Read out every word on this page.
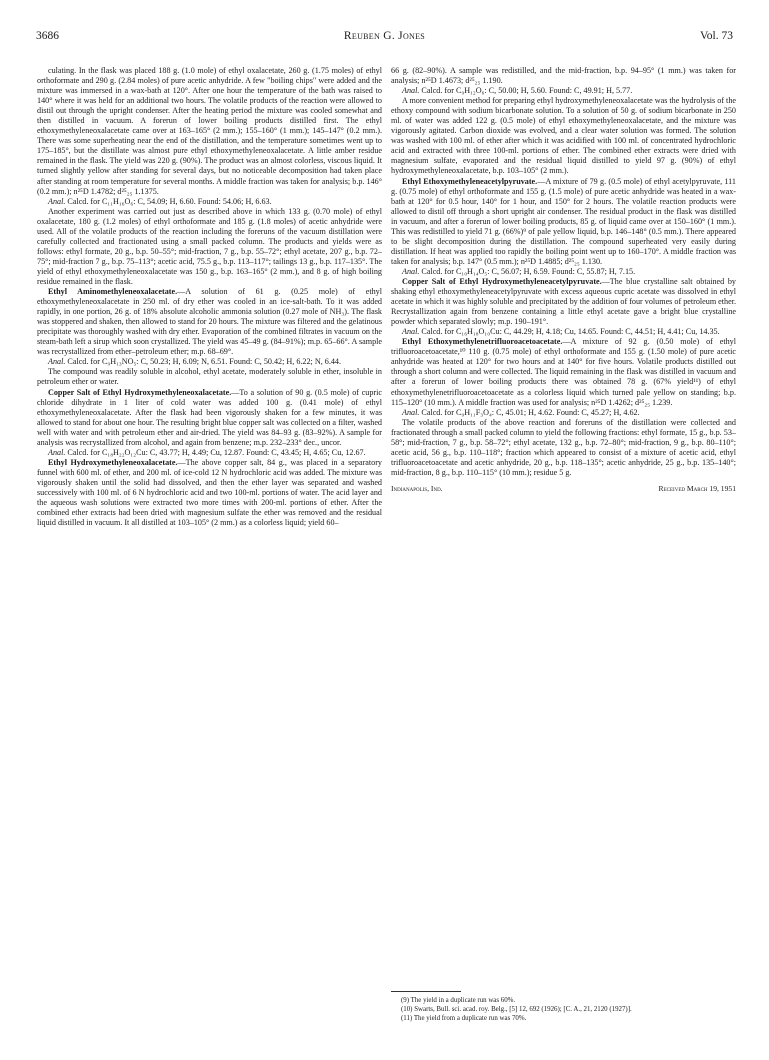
3686	Reuben G. Jones	Vol. 73

culating. In the flask was placed 188 g. (1.0 mole) of ethyl oxalacetate, 260 g. (1.75 moles) of ethyl orthoformate and 290 g. (2.84 moles) of pure acetic anhydride. A few "boiling chips" were added and the mixture was immersed in a wax-bath at 120°. After one hour the temperature of the bath was raised to 140° where it was held for an additional two hours. The volatile products of the reaction were allowed to distil out through the upright condenser. After the heating period the mixture was cooled somewhat and then distilled in vacuum. A forerun of lower boiling products distilled first. The ethyl ethoxymethyleneoxalacetate came over at 163–165° (2 mm.); 155–160° (1 mm.); 145–147° (0.2 mm.). There was some superheating near the end of the distillation, and the temperature sometimes went up to 175–185°, but the distillate was almost pure ethyl ethoxymethyleneoxalacetate. A little amber residue remained in the flask. The yield was 220 g. (90%). The product was an almost colorless, viscous liquid. It turned slightly yellow after standing for several days, but no noticeable decomposition had taken place after standing at room temperature for several months. A middle fraction was taken for analysis; b.p. 146° (0.2 mm.); n²⁵D 1.4782; d²⁵₂₅ 1.1375.

Anal. Calcd. for C₁₁H₁₆O₆: C, 54.09; H, 6.60. Found: 54.06; H, 6.63.

Another experiment was carried out just as described above in which 133 g. (0.70 mole) of ethyl oxalacetate, 180 g. (1.2 moles) of ethyl orthoformate and 185 g. (1.8 moles) of acetic anhydride were used. All of the volatile products of the reaction including the foreruns of the vacuum distillation were carefully collected and fractionated using a small packed column. The products and yields were as follows: ethyl formate, 20 g., b.p. 50–55°; mid-fraction, 7 g., b.p. 55–72°; ethyl acetate, 207 g., b.p. 72–75°; mid-fraction 7 g., b.p. 75–113°; acetic acid, 75.5 g., b.p. 113–117°; tailings 13 g., b.p. 117–135°. The yield of ethyl ethoxymethyleneoxalacetate was 150 g., b.p. 163–165° (2 mm.), and 8 g. of high boiling residue remained in the flask.

Ethyl Aminomethyleneoxalacetate.—A solution of 61 g. (0.25 mole) of ethyl ethoxymethyleneoxalacetate in 250 ml. of dry ether was cooled in an ice-salt-bath. To it was added rapidly, in one portion, 26 g. of 18% absolute alcoholic ammonia solution (0.27 mole of NH₃). The flask was stoppered and shaken, then allowed to stand for 20 hours. The mixture was filtered and the gelatinous precipitate was thoroughly washed with dry ether. Evaporation of the combined filtrates in vacuum on the steam-bath left a sirup which soon crystallized. The yield was 45–49 g. (84–91%); m.p. 65–66°. A sample was recrystallized from ether–petroleum ether; m.p. 68–69°.

Anal. Calcd. for C₉H₁₃NO₅: C, 50.23; H, 6.09; N, 6.51. Found: C, 50.42; H, 6.22; N, 6.44.

The compound was readily soluble in alcohol, ethyl acetate, moderately soluble in ether, insoluble in petroleum ether or water.

Copper Salt of Ethyl Hydroxymethyleneoxalacetate.—To a solution of 90 g. (0.5 mole) of cupric chloride dihydrate in 1 liter of cold water was added 100 g. (0.41 mole) of ethyl ethoxymethyleneoxalacetate. After the flask had been vigorously shaken for a few minutes, it was allowed to stand for about one hour. The resulting bright blue copper salt was collected on a filter, washed well with water and with petroleum ether and air-dried. The yield was 84–93 g. (83–92%). A sample for analysis was recrystallized from alcohol, and again from benzene; m.p. 232–233° dec., uncor.

Anal. Calcd. for C₁₈H₂₂O₁₂Cu: C, 43.77; H, 4.49; Cu, 12.87. Found: C, 43.45; H, 4.65; Cu, 12.67.

Ethyl Hydroxymethyleneoxalacetate.—The above copper salt, 84 g., was placed in a separatory funnel with 600 ml. of ether, and 200 ml. of ice-cold 12 N hydrochloric acid was added. The mixture was vigorously shaken until the solid had dissolved, and then the ether layer was separated and washed successively with 100 ml. of 6 N hydrochloric acid and two 100-ml. portions of water. The acid layer and the aqueous wash solutions were extracted two more times with 200-ml. portions of ether. After the combined ether extracts had been dried with magnesium sulfate the ether was removed and the residual liquid distilled in vacuum. It all distilled at 103–105° (2 mm.) as a colorless liquid; yield 60–

66 g. (82–90%). A sample was redistilled, and the mid-fraction, b.p. 94–95° (1 mm.) was taken for analysis; n²⁵D 1.4673; d²⁵₂₅ 1.190.

Anal. Calcd. for C₉H₁₂O₆: C, 50.00; H, 5.60. Found: C, 49.91; H, 5.77.

A more convenient method for preparing ethyl hydroxymethyleneoxalacetate was the hydrolysis of the ethoxy compound with sodium bicarbonate solution. To a solution of 50 g. of sodium bicarbonate in 250 ml. of water was added 122 g. (0.5 mole) of ethyl ethoxymethyleneoxalacetate, and the mixture was vigorously agitated. Carbon dioxide was evolved, and a clear water solution was formed. The solution was washed with 100 ml. of ether after which it was acidified with 100 ml. of concentrated hydrochloric acid and extracted with three 100-ml. portions of ether. The combined ether extracts were dried with magnesium sulfate, evaporated and the residual liquid distilled to yield 97 g. (90%) of ethyl hydroxymethyleneoxalacetate, b.p. 103–105° (2 mm.).

Ethyl Ethoxymethyleneacetylpyruvate.—A mixture of 79 g. (0.5 mole) of ethyl acetylpyruvate, 111 g. (0.75 mole) of ethyl orthoformate and 155 g. (1.5 mole) of pure acetic anhydride was heated in a wax-bath at 120° for 0.5 hour, 140° for 1 hour, and 150° for 2 hours. The volatile reaction products were allowed to distil off through a short upright air condenser. The residual product in the flask was distilled in vacuum, and after a forerun of lower boiling products, 85 g. of liquid came over at 150–160° (1 mm.). This was redistilled to yield 71 g. (66%)⁹ of pale yellow liquid, b.p. 146–148° (0.5 mm.). There appeared to be slight decomposition during the distillation. The compound superheated very easily during distillation. If heat was applied too rapidly the boiling point went up to 160–170°. A middle fraction was taken for analysis; b.p. 147° (0.5 mm.); n²⁵D 1.4885; d²⁵₂₅ 1.130.

Anal. Calcd. for C₁₀H₁₄O₅: C, 56.07; H, 6.59. Found: C, 55.87; H, 7.15.

Copper Salt of Ethyl Hydroxymethyleneacetylpyruvate.—The blue crystalline salt obtained by shaking ethyl ethoxymethyleneacetylpyruvate with excess aqueous cupric acetate was dissolved in ethyl acetate in which it was highly soluble and precipitated by the addition of four volumes of petroleum ether. Recrystallization again from benzene containing a little ethyl acetate gave a bright blue crystalline powder which separated slowly; m.p. 190–191°.

Anal. Calcd. for C₁₆H₁₈O₁₀Cu: C, 44.29; H, 4.18; Cu, 14.65. Found: C, 44.51; H, 4.41; Cu, 14.35.

Ethyl Ethoxymethylenetrifluoroacetoacetate.—A mixture of 92 g. (0.50 mole) of ethyl trifluoroacetoacetate,¹⁰ 110 g. (0.75 mole) of ethyl orthoformate and 155 g. (1.50 mole) of pure acetic anhydride was heated at 120° for two hours and at 140° for five hours. Volatile products distilled out through a short column and were collected. The liquid remaining in the flask was distilled in vacuum and after a forerun of lower boiling products there was obtained 78 g. (67% yield¹¹) of ethyl ethoxymethylenetrifluoroacetoacetate as a colorless liquid which turned pale yellow on standing; b.p. 115–120° (10 mm.). A middle fraction was used for analysis; n²⁵D 1.4262; d²⁵₂₅ 1.239.

Anal. Calcd. for C₉H₁₁F₃O₄: C, 45.01; H, 4.62. Found: C, 45.27; H, 4.62.

The volatile products of the above reaction and foreruns of the distillation were collected and fractionated through a small packed column to yield the following fractions: ethyl formate, 15 g., b.p. 53–58°; mid-fraction, 7 g., b.p. 58–72°; ethyl acetate, 132 g., b.p. 72–80°; mid-fraction, 9 g., b.p. 80–110°; acetic acid, 56 g., b.p. 110–118°; fraction which appeared to consist of a mixture of acetic acid, ethyl trifluoroacetoacetate and acetic anhydride, 20 g., b.p. 118–135°; acetic anhydride, 25 g., b.p. 135–140°; mid-fraction, 8 g., b.p. 110–115° (10 mm.); residue 5 g.

Indianapolis, Ind.	Received March 19, 1951

(9) The yield in a duplicate run was 60%.

(10) Swarts, Bull. sci. acad. roy. Belg., [5] 12, 692 (1926); [C. A., 21, 2120 (1927)].

(11) The yield from a duplicate run was 70%.
